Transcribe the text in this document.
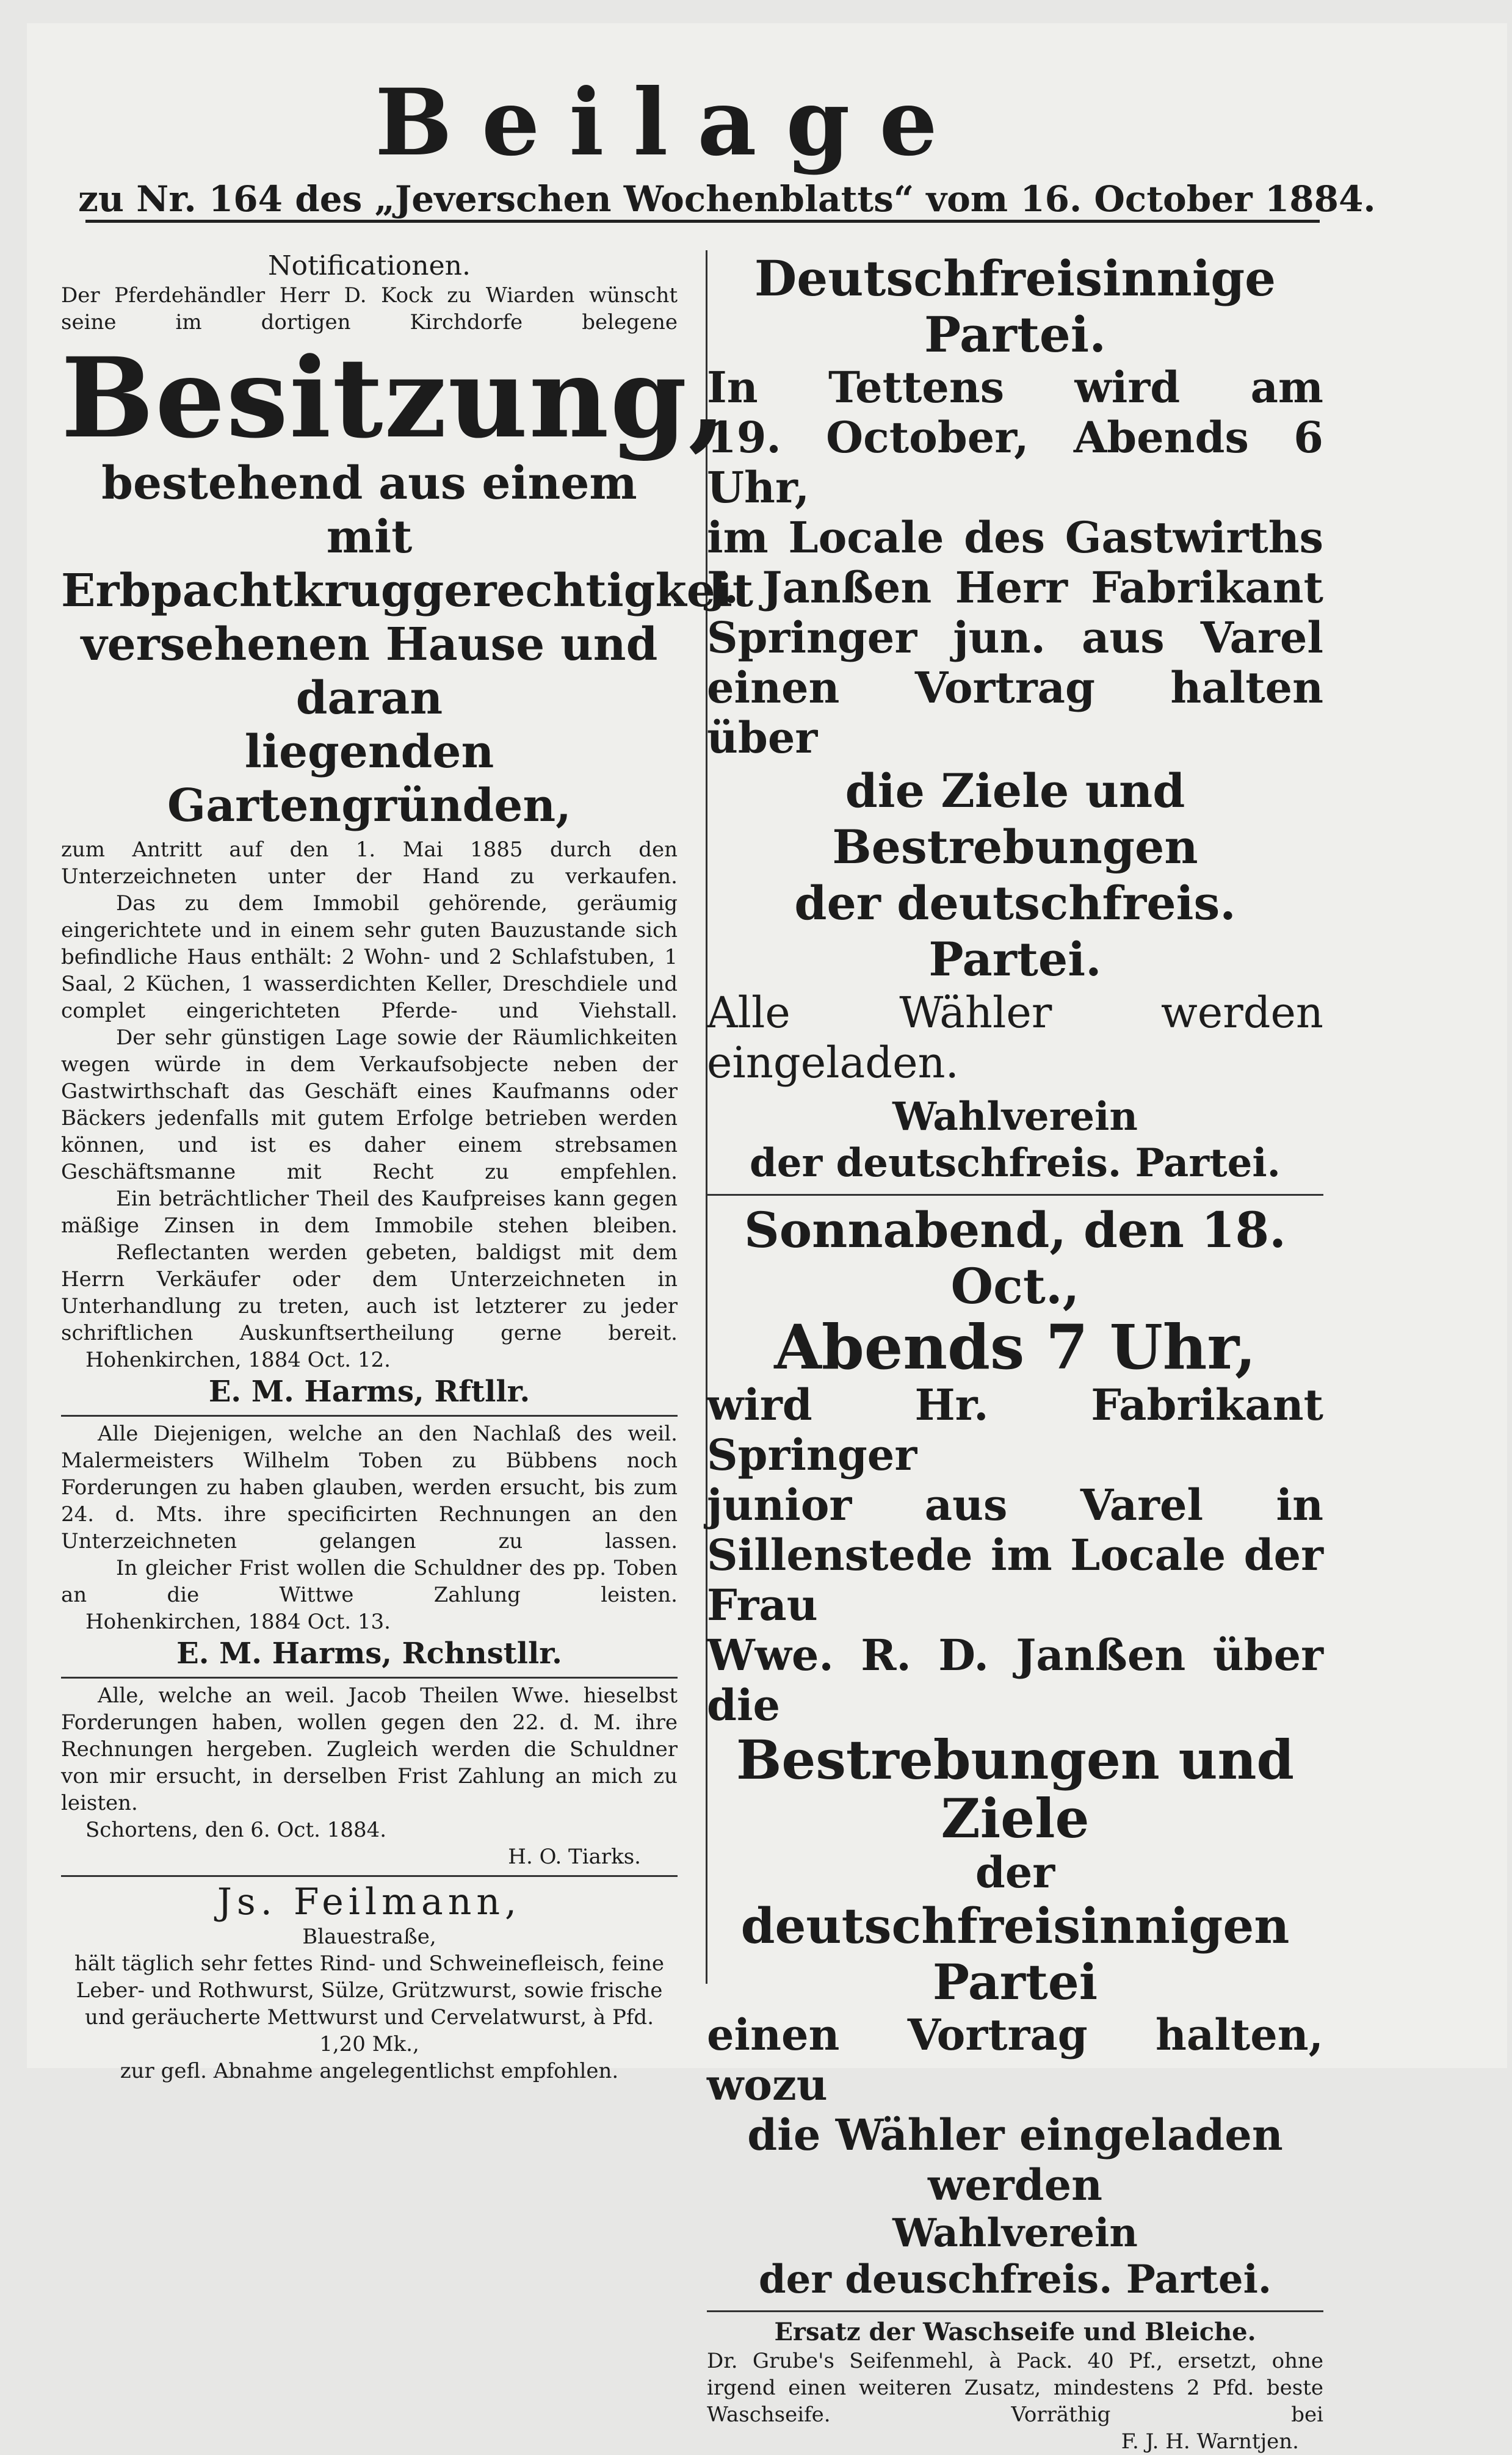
Beilage
zu Nr. 164 des „Jeverschen Wochenblatts“ vom 16. October 1884.
Notificationen.
Der Pferdehändler Herr D. Kock zu Wiarden wünscht seine im dortigen Kirchdorfe belegene
Besitzung,
bestehend aus einem mit
Erbpachtkruggerechtigkeit
versehenen Hause und daran
liegenden Gartengründen,
zum Antritt auf den 1. Mai 1885 durch den Unterzeichneten unter der Hand zu verkaufen.
Das zu dem Immobil gehörende, geräumig eingerichtete und in einem sehr guten Bauzustande sich befindliche Haus enthält: 2 Wohn- und 2 Schlafstuben, 1 Saal, 2 Küchen, 1 wasserdichten Keller, Dreschdiele und complet eingerichteten Pferde- und Viehstall.
Der sehr günstigen Lage sowie der Räumlichkeiten wegen würde in dem Verkaufsobjecte neben der Gastwirthschaft das Geschäft eines Kaufmanns oder Bäckers jedenfalls mit gutem Erfolge betrieben werden können, und ist es daher einem strebsamen Geschäftsmanne mit Recht zu empfehlen.
Ein beträchtlicher Theil des Kaufpreises kann gegen mäßige Zinsen in dem Immobile stehen bleiben.
Reflectanten werden gebeten, baldigst mit dem Herrn Verkäufer oder dem Unterzeichneten in Unterhandlung zu treten, auch ist letzterer zu jeder schriftlichen Auskunftsertheilung gerne bereit.
Hohenkirchen, 1884 Oct. 12.
E. M. Harms, Rftllr.
Alle Diejenigen, welche an den Nachlaß des weil. Malermeisters Wilhelm Toben zu Bübbens noch Forderungen zu haben glauben, werden ersucht, bis zum 24. d. Mts. ihre specificirten Rechnungen an den Unterzeichneten gelangen zu lassen.
In gleicher Frist wollen die Schuldner des pp. Toben an die Wittwe Zahlung leisten.
Hohenkirchen, 1884 Oct. 13.
E. M. Harms, Rchnstllr.
Alle, welche an weil. Jacob Theilen Wwe. hieselbst Forderungen haben, wollen gegen den 22. d. M. ihre Rechnungen hergeben. Zugleich werden die Schuldner von mir ersucht, in derselben Frist Zahlung an mich zu leisten.
Schortens, den 6. Oct. 1884.
H. O. Tiarks.
Js. Feilmann,
Blauestraße,
hält täglich sehr fettes Rind- und Schweinefleisch, feine Leber- und Rothwurst, Sülze, Grützwurst, sowie frische und geräucherte Mettwurst und Cervelatwurst, à Pfd. 1,20 Mk.,
zur gefl. Abnahme angelegentlichst empfohlen.
Deutschfreisinnige Partei.
In Tettens wird am
19. October, Abends 6 Uhr,
im Locale des Gastwirths
J. Janßen Herr Fabrikant
Springer jun. aus Varel
einen Vortrag halten über
die Ziele und Bestrebungen
der deutschfreis. Partei.
Alle Wähler werden eingeladen.
Wahlverein
der deutschfreis. Partei.
Sonnabend, den 18. Oct.,
Abends 7 Uhr,
wird Hr. Fabrikant Springer
junior aus Varel in Sillenstede im Locale der Frau
Wwe. R. D. Janßen über die
Bestrebungen und Ziele
der
deutschfreisinnigen Partei
einen Vortrag halten, wozu
die Wähler eingeladen werden
Wahlverein
der deuschfreis. Partei.
Ersatz der Waschseife und Bleiche.
Dr. Grube's Seifenmehl, à Pack. 40 Pf., ersetzt, ohne irgend einen weiteren Zusatz, mindestens 2 Pfd. beste Waschseife. Vorräthig bei
F. J. H. Warntjen.
